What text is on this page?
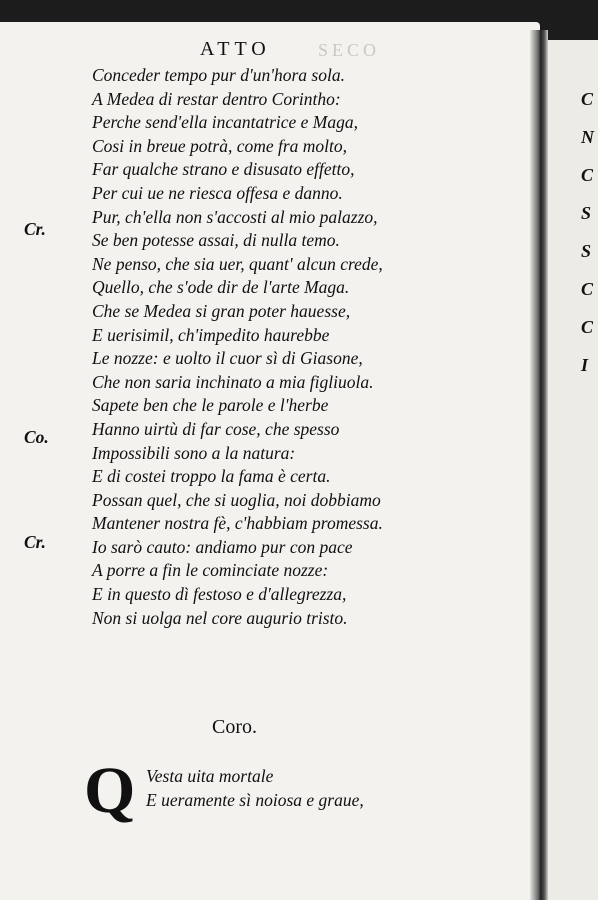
SECO
ATTO
Cr.
Co.
Cr.
Conceder tempo pur d'un'hora sola.
A Medea di restar dentro Corintho:
Perche send'ella incantatrice e Maga,
Cosi in breue potrà, come fra molto,
Far qualche strano e disusato effetto,
Per cui ue ne riesca offesa e danno.
Pur, ch'ella non s'accosti al mio palazzo,
Se ben potesse assai, di nulla temo.
Ne penso, che sia uer, quant' alcun crede,
Quello, che s'ode dir de l'arte Maga.
Che se Medea si gran poter hauesse,
E uerisimil, ch'impedito haurebbe
Le nozze: e uolto il cuor sì di Giasone,
Che non saria inchinato a mia figliuola.
Sapete ben che le parole e l'herbe
Hanno uirtù di far cose, che spesso
Impossibili sono a la natura:
E di costei troppo la fama è certa.
Possan quel, che si uoglia, noi dobbiamo
Mantener nostra fè, c'habbiam promessa.
Io sarò cauto: andiamo pur con pace
A porre a fin le cominciate nozze:
E in questo dì festoso e d'allegrezza,
Non si uolga nel core augurio tristo.
Coro.
Q Vesta uita mortale
E ueramente sì noiosa e graue,
C
N
C
S
S
C
C
I
